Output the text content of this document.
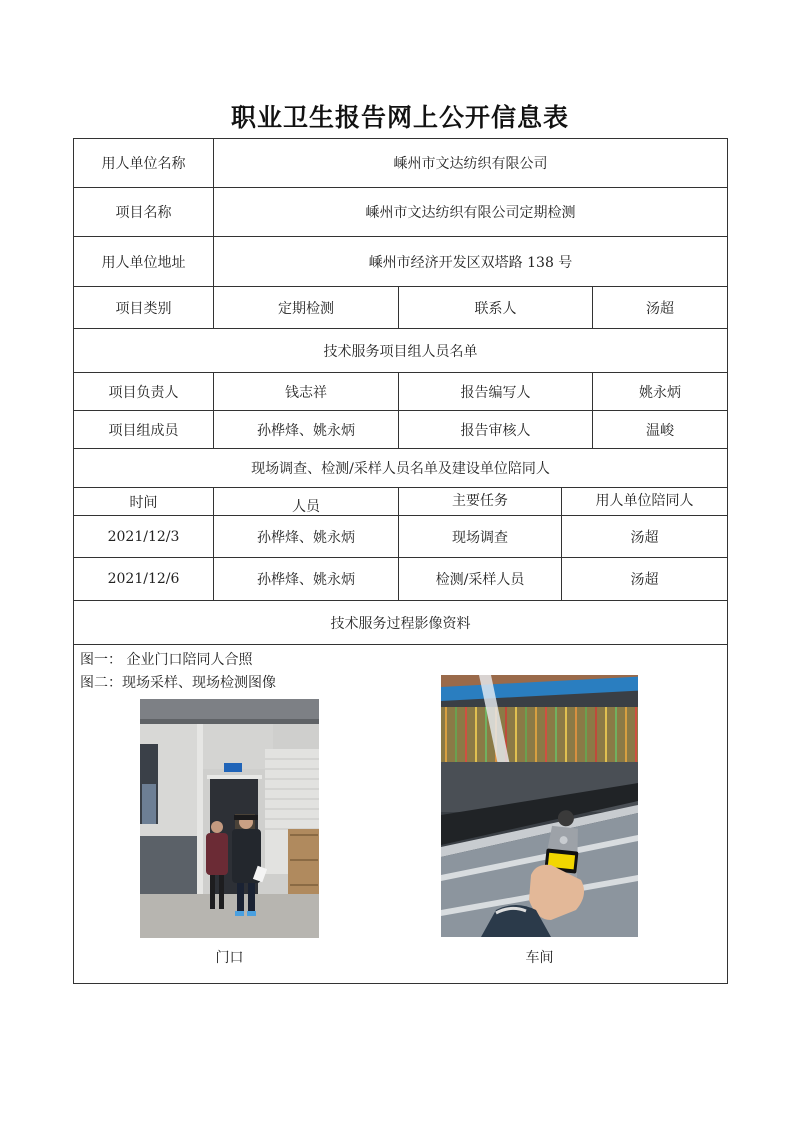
职业卫生报告网上公开信息表
用人单位名称	嵊州市文达纺织有限公司
项目名称	嵊州市文达纺织有限公司定期检测
用人单位地址	嵊州市经济开发区双塔路 138 号
项目类别	定期检测	联系人	汤超
技术服务项目组人员名单
项目负责人	钱志祥	报告编写人	姚永炳
项目组成员	孙桦烽、姚永炳	报告审核人	温峻
现场调查、检测/采样人员名单及建设单位陪同人
时间	人员	主要任务	用人单位陪同人
2021/12/3	孙桦烽、姚永炳	现场调查	汤超
2021/12/6	孙桦烽、姚永炳	检测/采样人员	汤超
技术服务过程影像资料
图一： 企业门口陪同人合照
图二：现场采样、现场检测图像
门口	车间
